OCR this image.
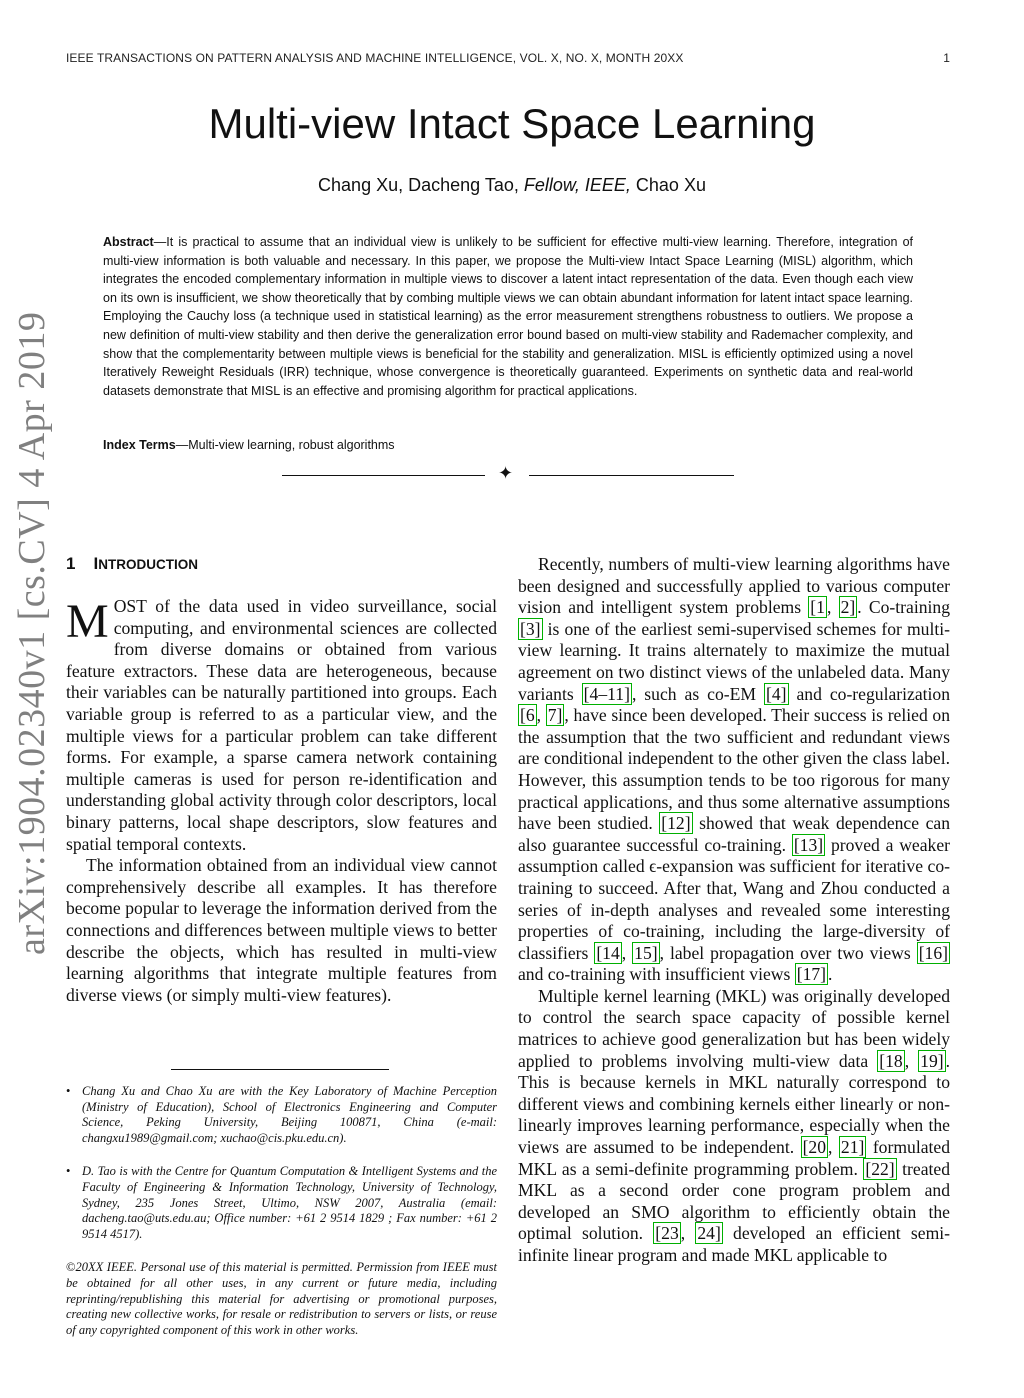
IEEE TRANSACTIONS ON PATTERN ANALYSIS AND MACHINE INTELLIGENCE, VOL. X, NO. X, MONTH 20XX	1
Multi-view Intact Space Learning
Chang Xu, Dacheng Tao, Fellow, IEEE, Chao Xu
Abstract—It is practical to assume that an individual view is unlikely to be sufficient for effective multi-view learning. Therefore, integration of multi-view information is both valuable and necessary. In this paper, we propose the Multi-view Intact Space Learning (MISL) algorithm, which integrates the encoded complementary information in multiple views to discover a latent intact representation of the data. Even though each view on its own is insufficient, we show theoretically that by combing multiple views we can obtain abundant information for latent intact space learning. Employing the Cauchy loss (a technique used in statistical learning) as the error measurement strengthens robustness to outliers. We propose a new definition of multi-view stability and then derive the generalization error bound based on multi-view stability and Rademacher complexity, and show that the complementarity between multiple views is beneficial for the stability and generalization. MISL is efficiently optimized using a novel Iteratively Reweight Residuals (IRR) technique, whose convergence is theoretically guaranteed. Experiments on synthetic data and real-world datasets demonstrate that MISL is an effective and promising algorithm for practical applications.
Index Terms—Multi-view learning, robust algorithms
✦
arXiv:1904.02340v1 [cs.CV] 4 Apr 2019 1 INTRODUCTION

MOST of the data used in video surveillance, social computing, and environmental sciences are collected from diverse domains or obtained from various feature extractors. These data are heterogeneous, because their variables can be naturally partitioned into groups. Each variable group is referred to as a particular view, and the multiple views for a particular problem can take different forms. For example, a sparse camera network containing multiple cameras is used for person re-identification and understanding global activity through color descriptors, local binary patterns, local shape descriptors, slow features and spatial temporal contexts.

The information obtained from an individual view cannot comprehensively describe all examples. It has therefore become popular to leverage the information derived from the connections and differences between multiple views to better describe the objects, which has resulted in multi-view learning algorithms that integrate multiple features from diverse views (or simply multi-view features).

Recently, numbers of multi-view learning algorithms have been designed and successfully applied to various computer vision and intelligent system problems [1 , 2] . Co-training [3] is one of the earliest semi-supervised schemes for multi-view learning. It trains alternately to maximize the mutual agreement on two distinct views of the unlabeled data. Many variants [4–11] , such as co-EM [4] and co-regularization [6 , 7] , have since been developed. Their success is relied on the assumption that the two sufficient and redundant views are conditional independent to the other given the class label. However, this assumption tends to be too rigorous for many practical applications, and thus some alternative assumptions have been studied. [12] showed that weak dependence can also guarantee successful co-training. [13] proved a weaker assumption called ϵ-expansion was sufficient for iterative co-training to succeed. After that, Wang and Zhou conducted a series of in-depth analyses and revealed some interesting properties of co-training, including the large-diversity of classifiers [14 , 15] , label propagation over two views [16] and co-training with insufficient views [17] .

Multiple kernel learning (MKL) was originally developed to control the search space capacity of possible kernel matrices to achieve good generalization but has been widely applied to problems involving multi-view data [18 , 19] . This is because kernels in MKL naturally correspond to different views and combining kernels either linearly or non-linearly improves learning performance, especially when the views are assumed to be independent. [20 , 21] formulated MKL as a semi-definite programming problem. [22] treated MKL as a second order cone program problem and developed an SMO algorithm to efficiently obtain the optimal solution. [23 , 24] developed an efficient semi-infinite linear program and made MKL applicable to

• Chang Xu and Chao Xu are with the Key Laboratory of Machine Perception (Ministry of Education), School of Electronics Engineering and Computer Science, Peking University, Beijing 100871, China (e-mail: changxu1989@gmail.com; xuchao@cis.pku.edu.cn).
• D. Tao is with the Centre for Quantum Computation & Intelligent Systems and the Faculty of Engineering & Information Technology, University of Technology, Sydney, 235 Jones Street, Ultimo, NSW 2007, Australia (email: dacheng.tao@uts.edu.au; Office number: +61 2 9514 1829 ; Fax number: +61 2 9514 4517).
©20XX IEEE. Personal use of this material is permitted. Permission from IEEE must be obtained for all other uses, in any current or future media, including reprinting/republishing this material for advertising or promotional purposes, creating new collective works, for resale or redistribution to servers or lists, or reuse of any copyrighted component of this work in other works.
